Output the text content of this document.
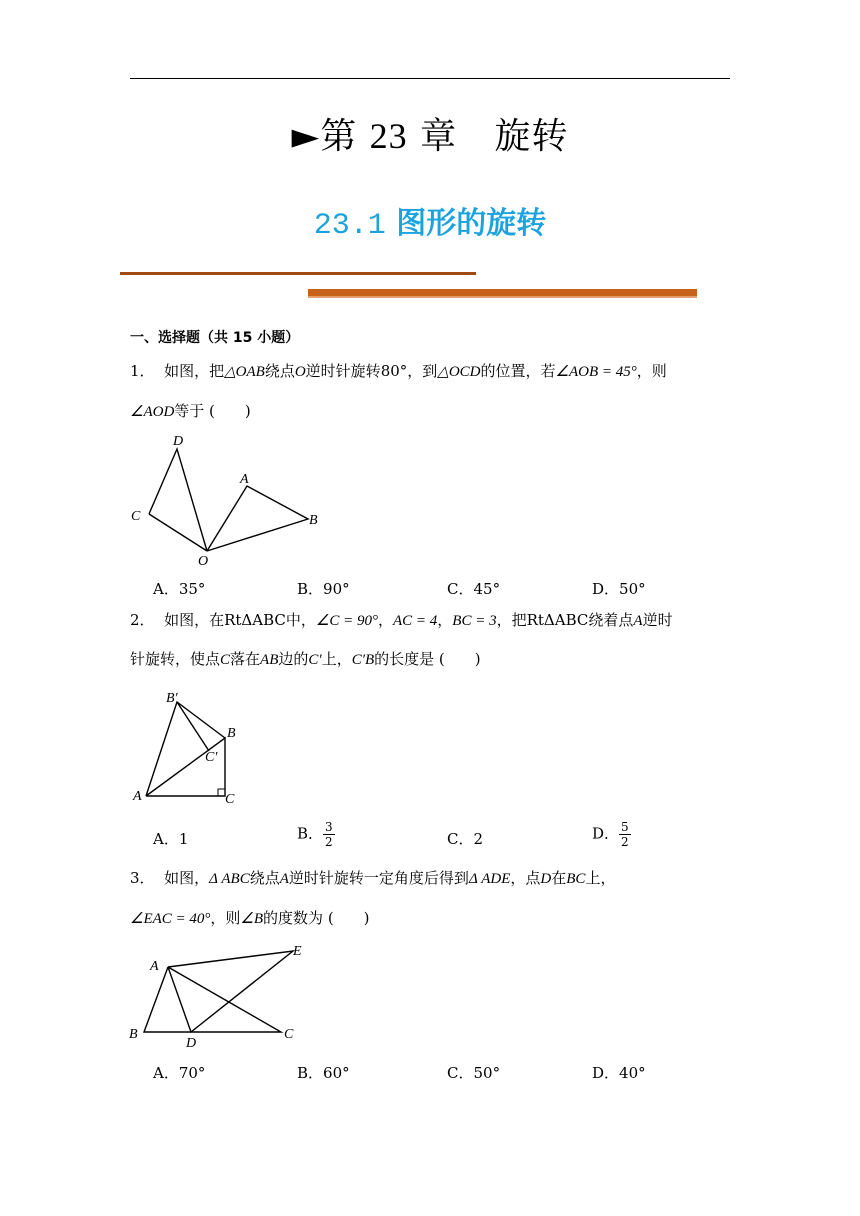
►第 23 章 旋转
23.1 图形的旋转
一、选择题（共 15 小题）
1． 如图，把△OAB绕点O逆时针旋转80°，到△OCD的位置，若∠AOB = 45°，则
∠AOD等于 (　　)
D
C
O
A
B
A．35°	B．90°	C．45°	D．50°
2． 如图，在RtΔABC中，∠C = 90°，AC = 4，BC = 3，把RtΔABC绕着点A逆时
针旋转，使点C落在AB边的C′上，C′B的长度是 (　　)
B′
B
C′
A	C
A．1	B． $\frac{3}{2}$	C．2	D． $\frac{5}{2}$
3． 如图，Δ ABC绕点A逆时针旋转一定角度后得到Δ ADE，点D在BC上，
∠EAC = 40°，则∠B的度数为 (　　)
A
E
B
D
C
A．70°	B．60°	C．50°	D．40°
